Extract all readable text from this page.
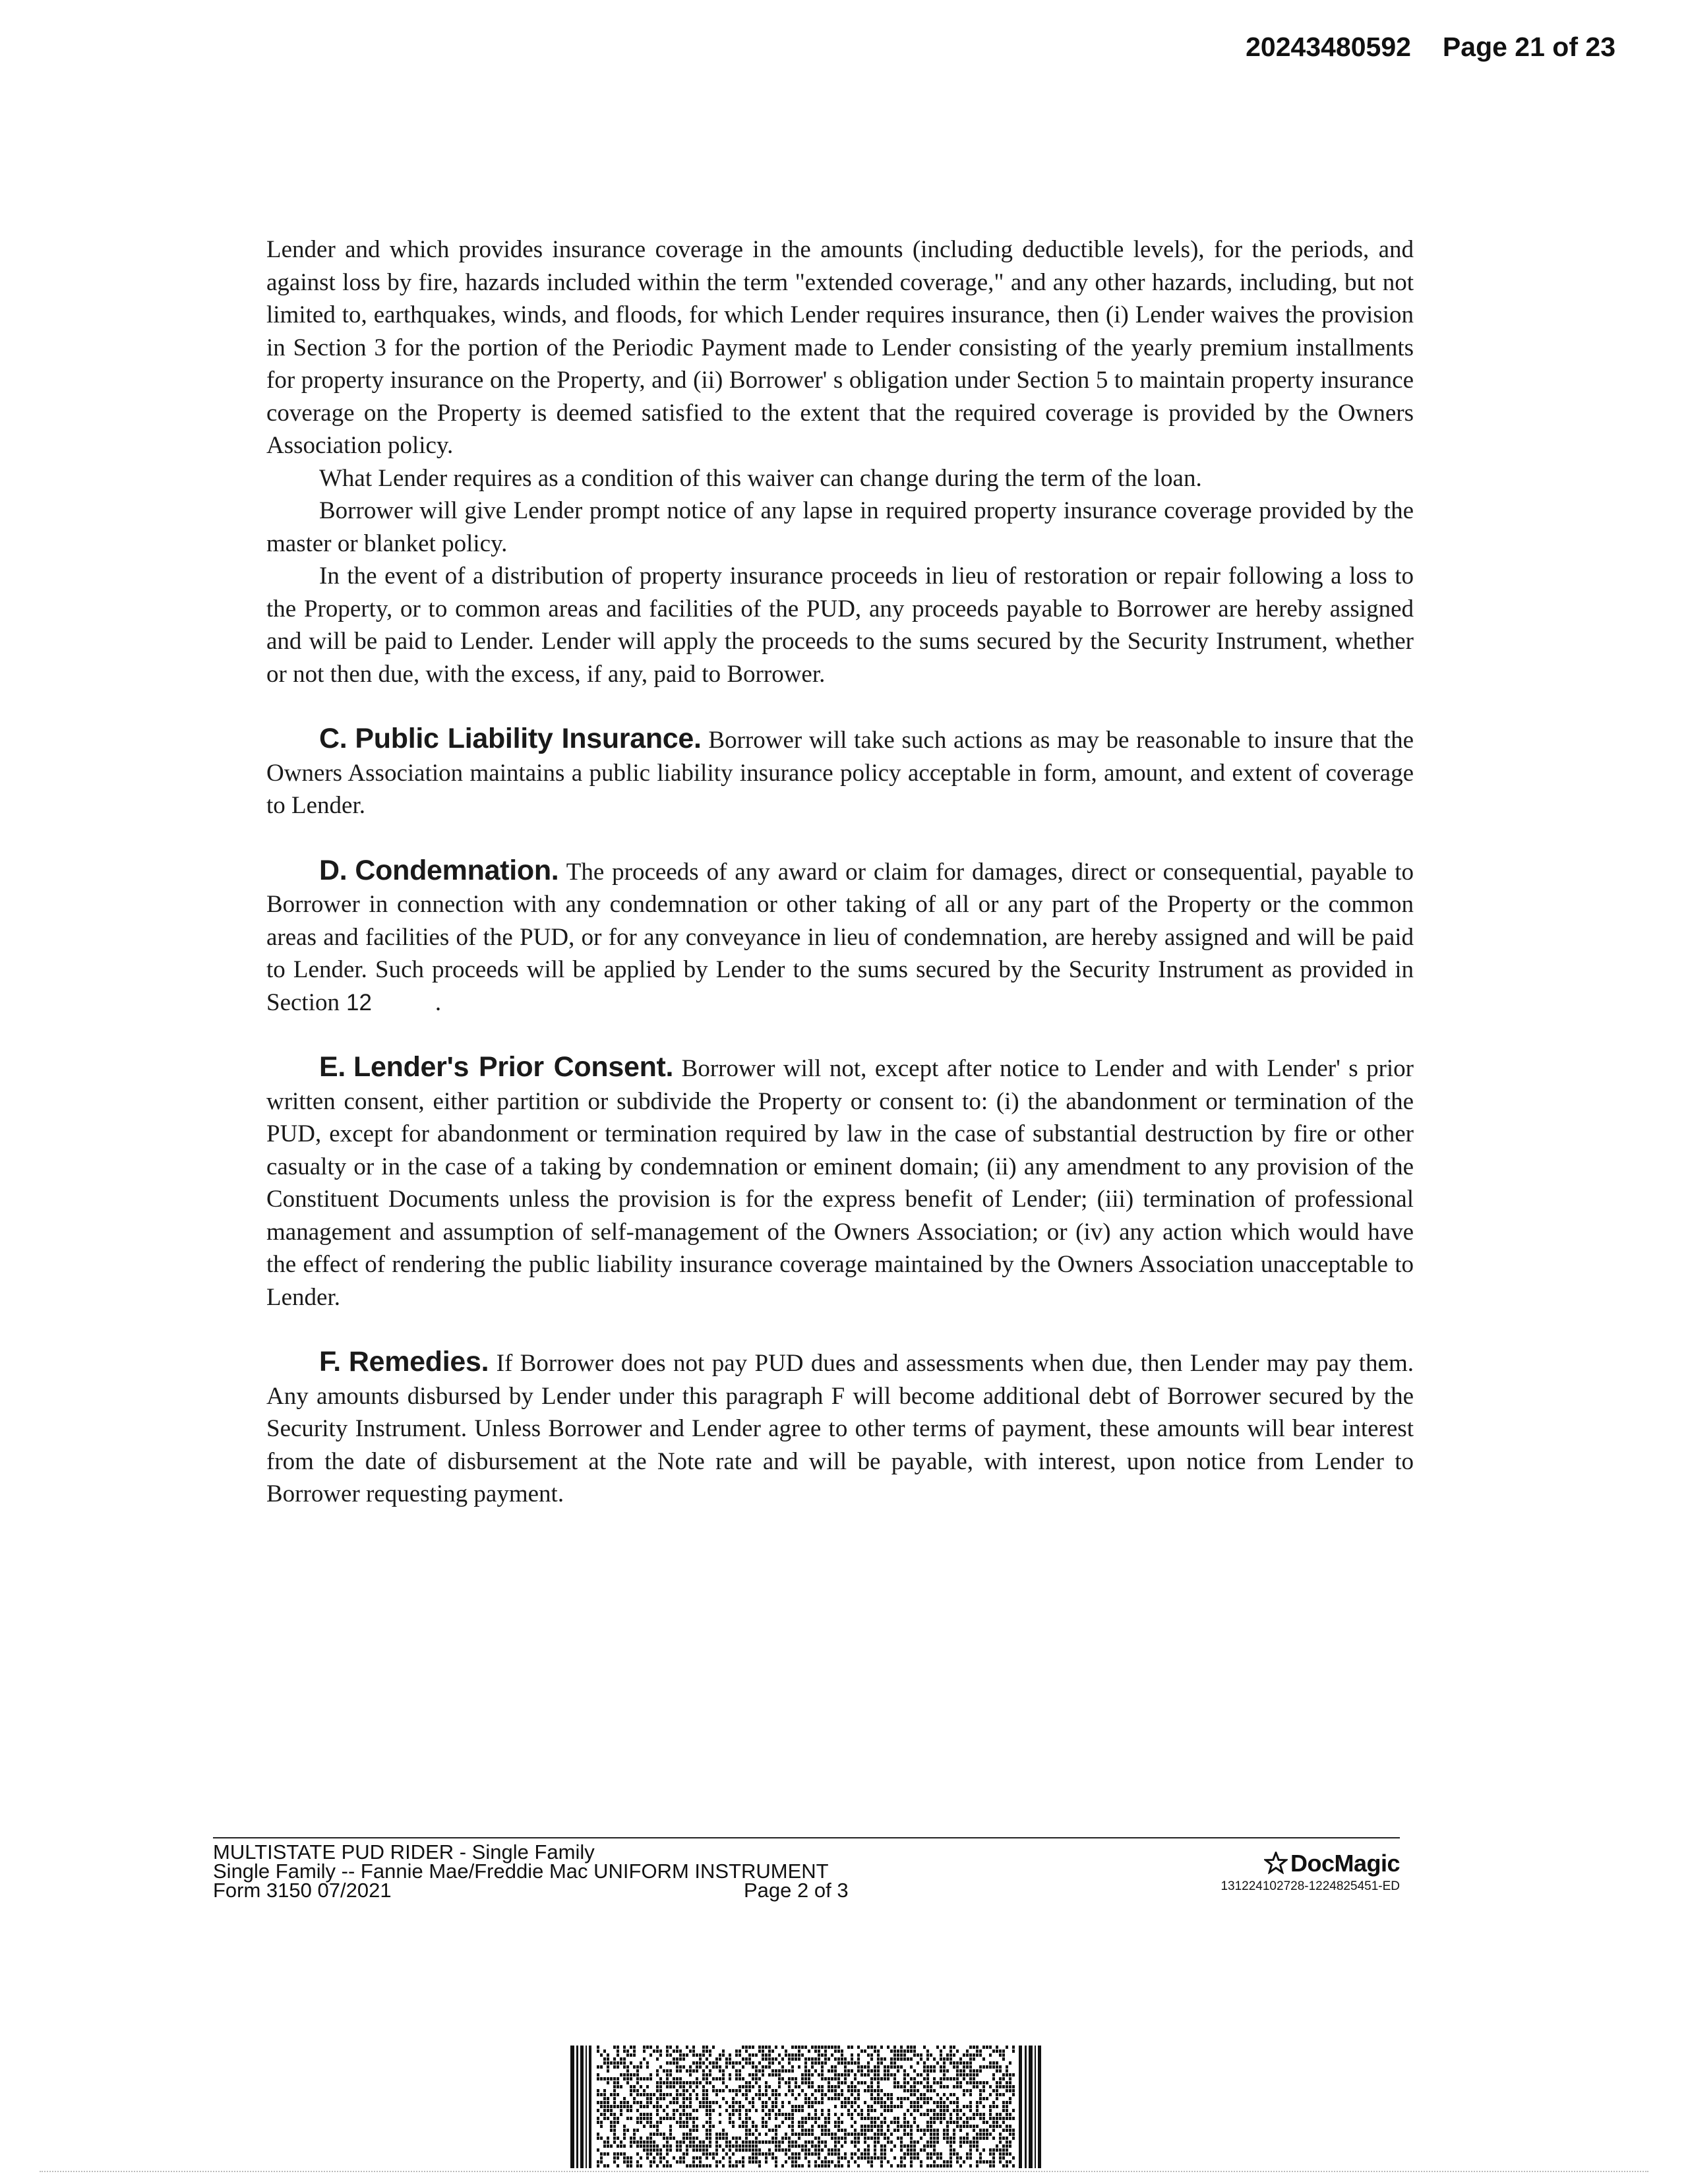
20243480592 Page 21 of 23

Lender and which provides insurance coverage in the amounts (including deductible levels), for the periods, and against loss by fire, hazards included within the term "extended coverage," and any other hazards, including, but not limited to, earthquakes, winds, and floods, for which Lender requires insurance, then (i) Lender waives the provision in Section 3 for the portion of the Periodic Payment made to Lender consisting of the yearly premium installments for property insurance on the Property, and (ii) Borrower' s obligation under Section 5 to maintain property insurance coverage on the Property is deemed satisfied to the extent that the required coverage is provided by the Owners Association policy.

What Lender requires as a condition of this waiver can change during the term of the loan.

Borrower will give Lender prompt notice of any lapse in required property insurance coverage provided by the master or blanket policy.

In the event of a distribution of property insurance proceeds in lieu of restoration or repair following a loss to the Property, or to common areas and facilities of the PUD, any proceeds payable to Borrower are hereby assigned and will be paid to Lender. Lender will apply the proceeds to the sums secured by the Security Instrument, whether or not then due, with the excess, if any, paid to Borrower.

C. Public Liability Insurance. Borrower will take such actions as may be reasonable to insure that the Owners Association maintains a public liability insurance policy acceptable in form, amount, and extent of coverage to Lender.

D. Condemnation. The proceeds of any award or claim for damages, direct or consequential, payable to Borrower in connection with any condemnation or other taking of all or any part of the Property or the common areas and facilities of the PUD, or for any conveyance in lieu of condemnation, are hereby assigned and will be paid to Lender. Such proceeds will be applied by Lender to the sums secured by the Security Instrument as provided in Section 12	.

E. Lender's Prior Consent. Borrower will not, except after notice to Lender and with Lender' s prior written consent, either partition or subdivide the Property or consent to: (i) the abandonment or termination of the PUD, except for abandonment or termination required by law in the case of substantial destruction by fire or other casualty or in the case of a taking by condemnation or eminent domain; (ii) any amendment to any provision of the Constituent Documents unless the provision is for the express benefit of Lender; (iii) termination of professional management and assumption of self-management of the Owners Association; or (iv) any action which would have the effect of rendering the public liability insurance coverage maintained by the Owners Association unacceptable to Lender.

F. Remedies. If Borrower does not pay PUD dues and assessments when due, then Lender may pay them. Any amounts disbursed by Lender under this paragraph F will become additional debt of Borrower secured by the Security Instrument. Unless Borrower and Lender agree to other terms of payment, these amounts will bear interest from the date of disbursement at the Note rate and will be payable, with interest, upon notice from Lender to Borrower requesting payment.

MULTISTATE PUD RIDER - Single Family
Single Family -- Fannie Mae/Freddie Mac UNIFORM INSTRUMENT
Form 3150 07/2021	Page 2 of 3
DocMagic
131224102728-1224825451-ED
